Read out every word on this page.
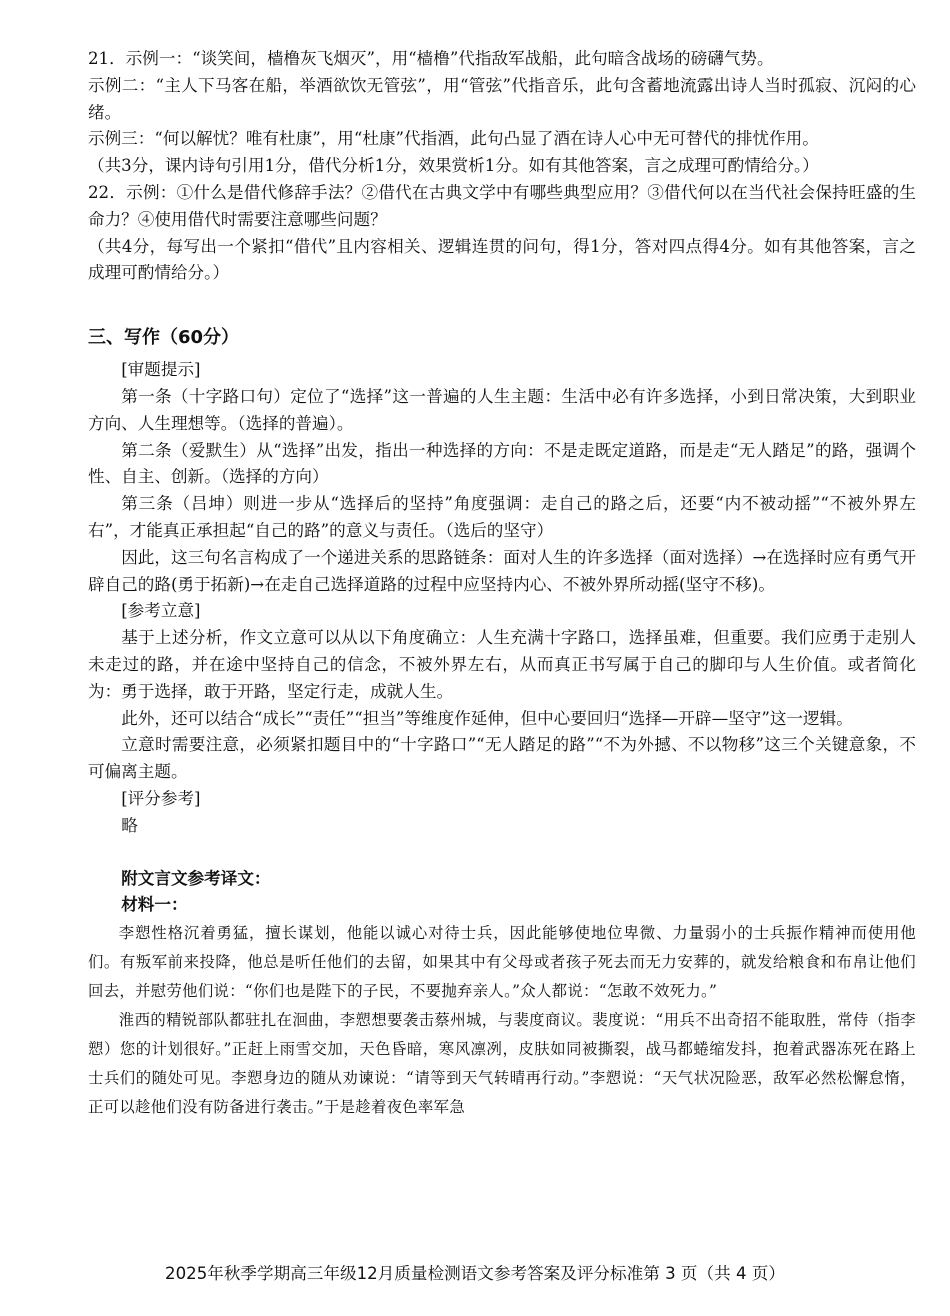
21．示例一：“谈笑间，樯橹灰飞烟灭”，用“樯橹”代指敌军战船，此句暗含战场的磅礴气势。

示例二：“主人下马客在船，举酒欲饮无管弦”，用“管弦”代指音乐，此句含蓄地流露出诗人当时孤寂、沉闷的心绪。

示例三：“何以解忧？唯有杜康”，用“杜康”代指酒，此句凸显了酒在诗人心中无可替代的排忧作用。

（共3分，课内诗句引用1分，借代分析1分，效果赏析1分。如有其他答案，言之成理可酌情给分。）

22．示例：①什么是借代修辞手法？②借代在古典文学中有哪些典型应用？③借代何以在当代社会保持旺盛的生命力？④使用借代时需要注意哪些问题？

（共4分，每写出一个紧扣“借代”且内容相关、逻辑连贯的问句，得1分，答对四点得4分。如有其他答案，言之成理可酌情给分。）

三、写作（60分）

[审题提示]

第一条（十字路口句）定位了“选择”这一普遍的人生主题：生活中必有许多选择，小到日常决策，大到职业方向、人生理想等。（选择的普遍）。

第二条（爱默生）从“选择”出发，指出一种选择的方向：不是走既定道路，而是走“无人踏足”的路，强调个性、自主、创新。（选择的方向）

第三条（吕坤）则进一步从“选择后的坚持”角度强调：走自己的路之后，还要“内不被动摇”“不被外界左右”，才能真正承担起“自己的路”的意义与责任。（选后的坚守）

因此，这三句名言构成了一个递进关系的思路链条：面对人生的许多选择（面对选择）→在选择时应有勇气开辟自己的路(勇于拓新)→在走自己选择道路的过程中应坚持内心、不被外界所动摇(坚守不移)。

[参考立意]

基于上述分析，作文立意可以从以下角度确立：人生充满十字路口，选择虽难，但重要。我们应勇于走别人未走过的路，并在途中坚持自己的信念，不被外界左右，从而真正书写属于自己的脚印与人生价值。或者简化为：勇于选择，敢于开路，坚定行走，成就人生。

此外，还可以结合“成长”“责任”“担当”等维度作延伸，但中心要回归“选择—开辟—坚守”这一逻辑。

立意时需要注意，必须紧扣题目中的“十字路口”“无人踏足的路”“不为外撼、不以物移”这三个关键意象，不可偏离主题。

[评分参考]

略

附文言文参考译文：

材料一：

李愬性格沉着勇猛，擅长谋划，他能以诚心对待士兵，因此能够使地位卑微、力量弱小的士兵振作精神而使用他们。有叛军前来投降，他总是听任他们的去留，如果其中有父母或者孩子死去而无力安葬的，就发给粮食和布帛让他们回去，并慰劳他们说：“你们也是陛下的子民，不要抛弃亲人。”众人都说：“怎敢不效死力。”

淮西的精锐部队都驻扎在洄曲，李愬想要袭击蔡州城，与裴度商议。裴度说：“用兵不出奇招不能取胜，常侍（指李愬）您的计划很好。”正赶上雨雪交加，天色昏暗，寒风凛冽，皮肤如同被撕裂，战马都蜷缩发抖，抱着武器冻死在路上士兵们的随处可见。李愬身边的随从劝谏说：“请等到天气转晴再行动。”李愬说：“天气状况险恶，敌军必然松懈怠惰，正可以趁他们没有防备进行袭击。”于是趁着夜色率军急

2025年秋季学期高三年级12月质量检测语文参考答案及评分标准第 3 页（共 4 页）
